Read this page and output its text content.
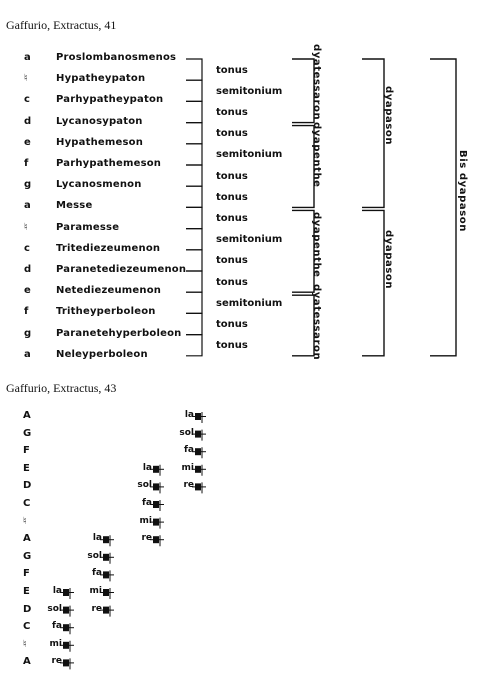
Gaffurio, Extractus, 41
a	Proslombanosmenos
♮	Hypatheypaton
c	Parhypatheypaton
d Lycanosypaton
e	Hypathemeson
f	Parhypathemeson
g Lycanosmenon
a	Messe
♮	Paramesse
c	Tritediezeumenon
d Paranetediezeumenon
e	Netediezeumenon
f	Tritheyperboleon
g Paranetehyperboleon
a	Neleyperboleon
tonus
semitonium
tonus
tonus
semitonium
tonus
tonus
tonus
semitonium
tonus
tonus
semitonium
tonus
tonus
dyatessaron
dyapenthe
dyapenthe
dyatessaron
dyapason
dyapason
Bis dyapason
Gaffurio, Extractus, 43
A
G
F
E
D
C
♮
A
G
F
E
D
C
♮
A
la
sol
fa
mi
re
la
sol
fa
mi
re
la
sol
fa
mi
re
la
sol
fa
mi
re
